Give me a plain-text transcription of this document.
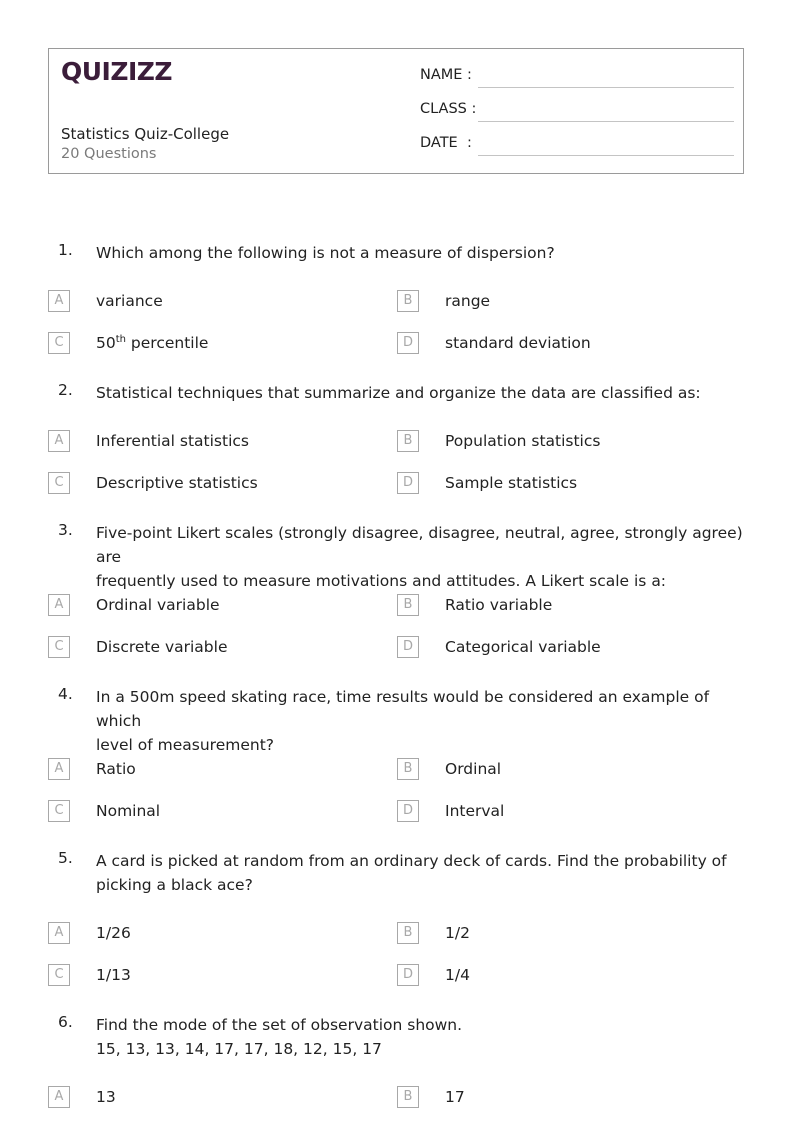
QUIZIZZ
Statistics Quiz-College
20 Questions
NAME :
CLASS :
DATE  :
1. Which among the following is not a measure of dispersion?
A	variance	B	range
C	50th percentile	D	standard deviation
2. Statistical techniques that summarize and organize the data are classified as:
A	Inferential statistics	B	Population statistics
C	Descriptive statistics	D	Sample statistics
3. Five-point Likert scales (strongly disagree, disagree, neutral, agree, strongly agree) are
frequently used to measure motivations and attitudes. A Likert scale is a:
A	Ordinal variable	B	Ratio variable
C	Discrete variable	D	Categorical variable
4. In a 500m speed skating race, time results would be considered an example of which
level of measurement?
A	Ratio	B	Ordinal
C	Nominal	D	Interval
5. A card is picked at random from an ordinary deck of cards. Find the probability of
picking a black ace?
A	1/26	B	1/2
C	1/13	D	1/4
6. Find the mode of the set of observation shown.
15, 13, 13, 14, 17, 17, 18, 12, 15, 17
A	13	B	17
